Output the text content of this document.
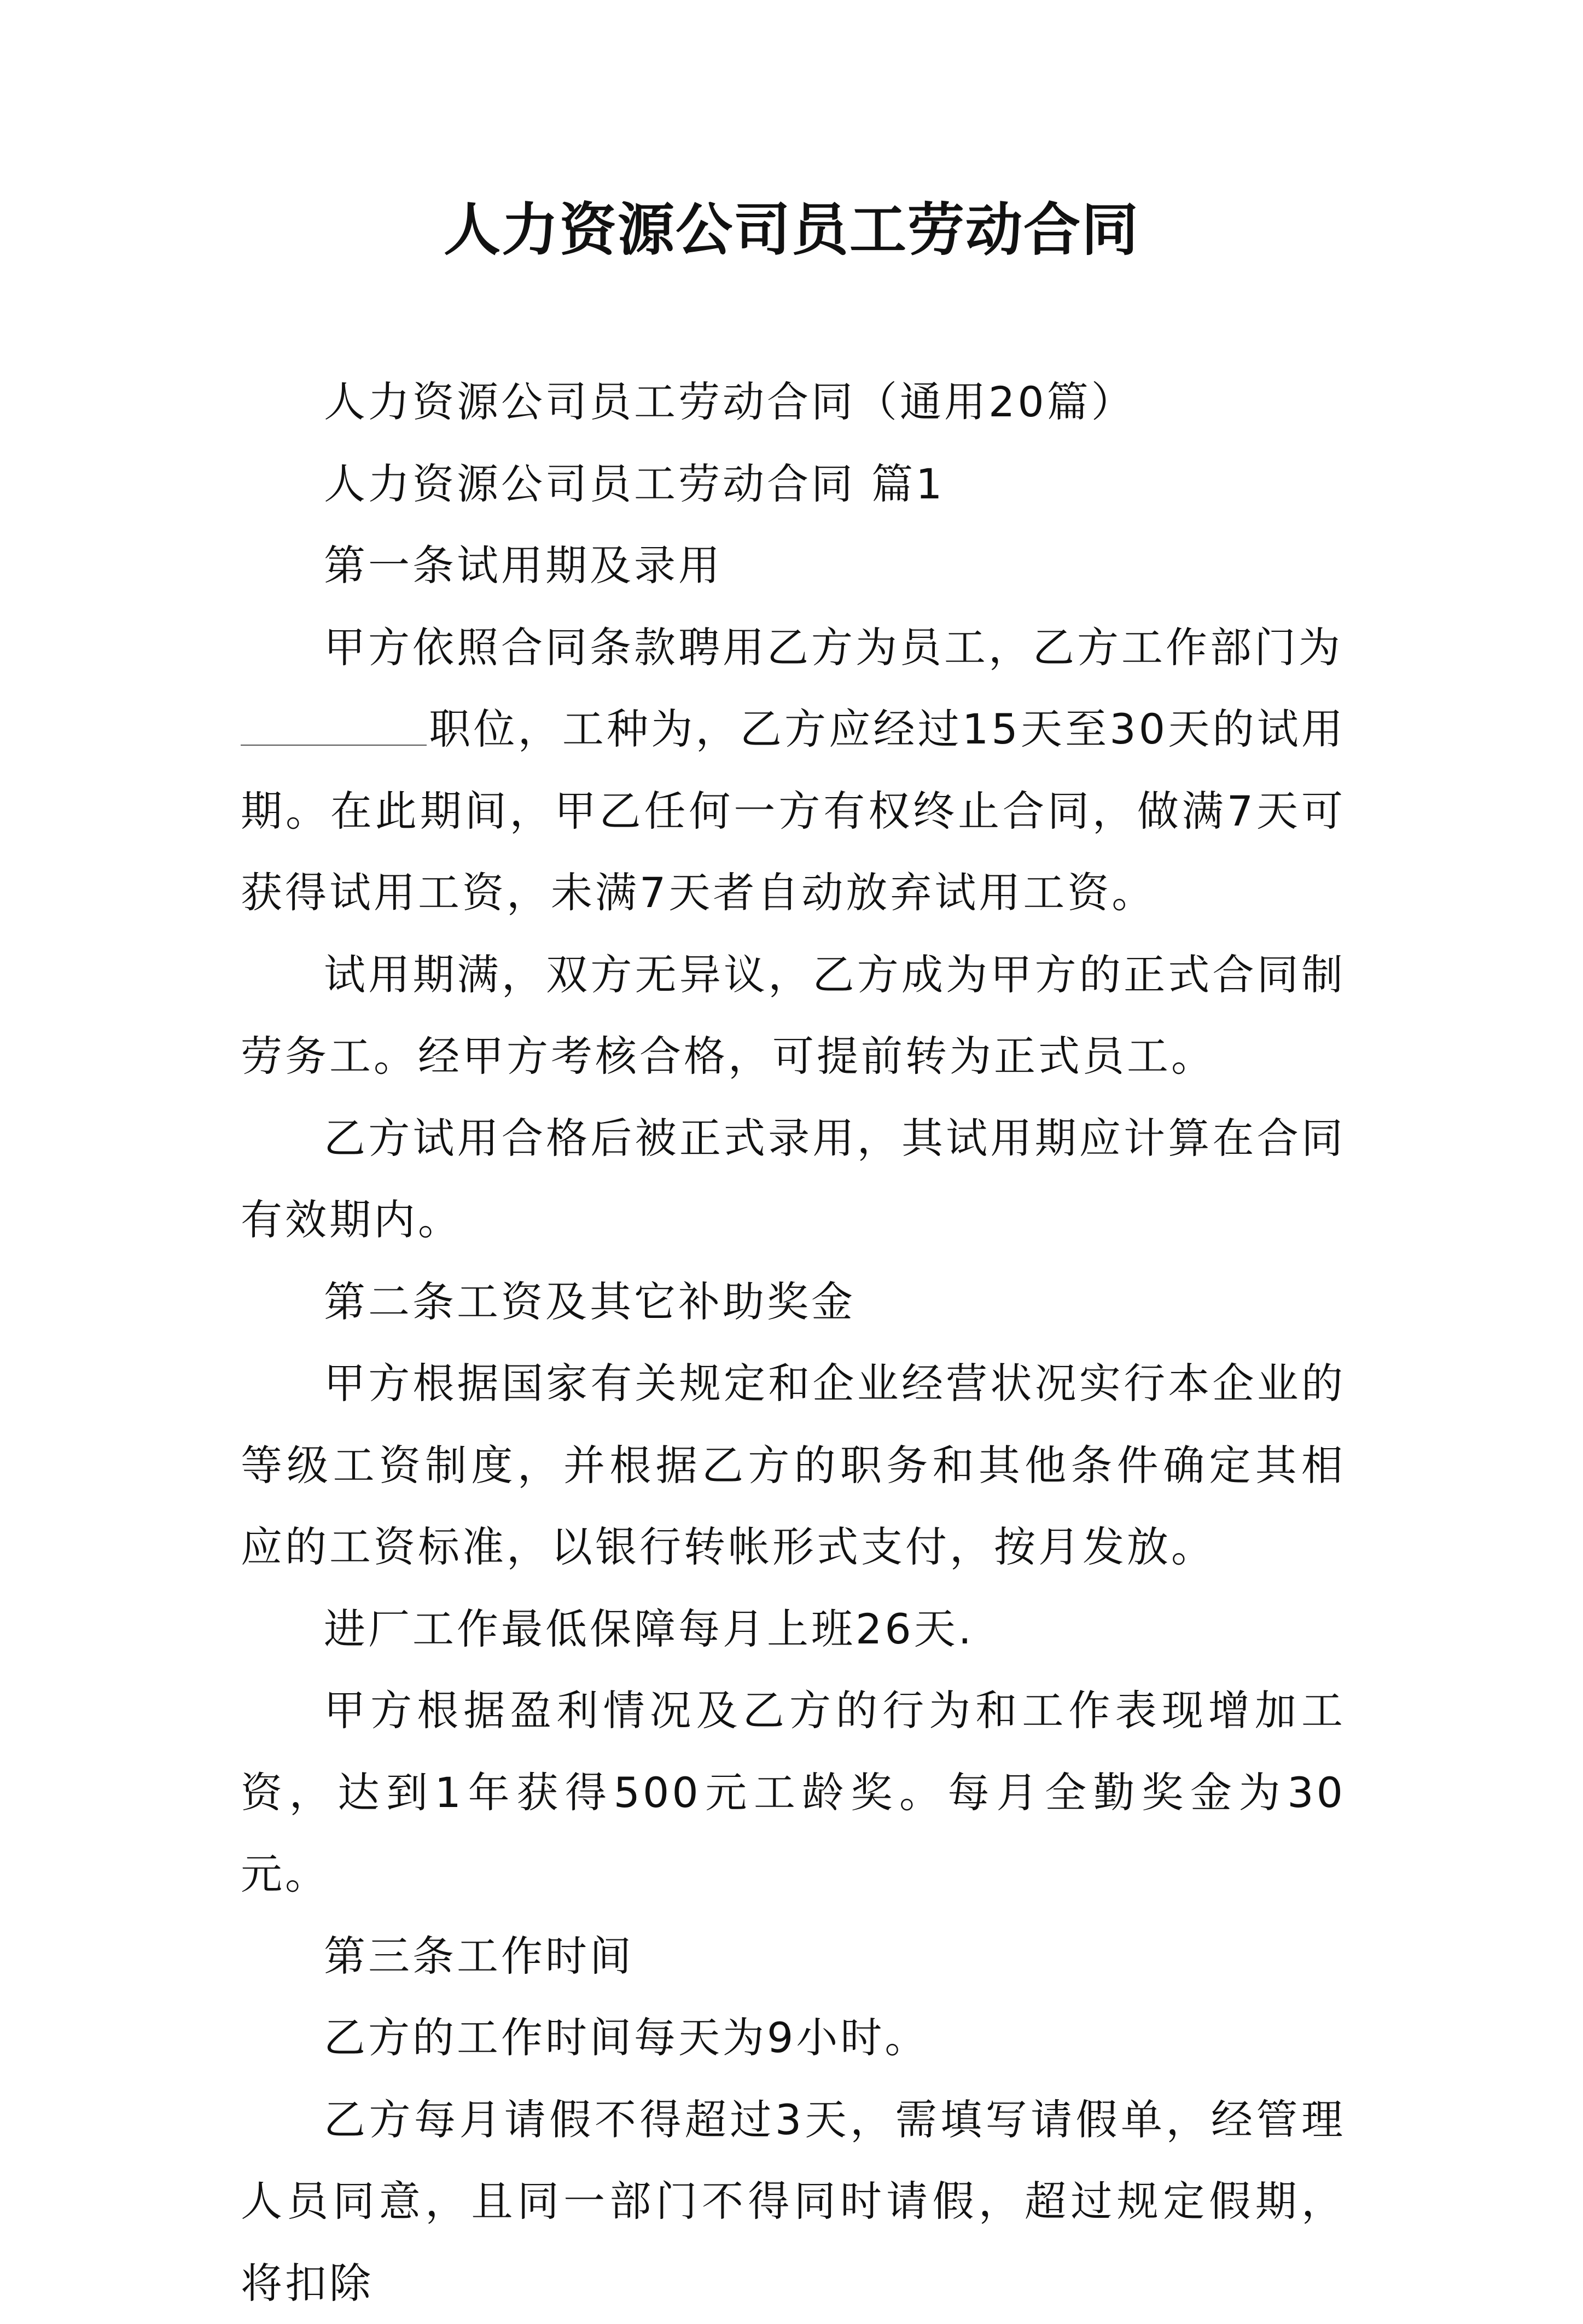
人力资源公司员工劳动合同

人力资源公司员工劳动合同（通用20篇）

人力资源公司员工劳动合同 篇1

第一条试用期及录用

甲方依照合同条款聘用乙方为员工，乙方工作部门为

职位，工种为，乙方应经过15天至30天的试用期。在此期间，甲乙任何一方有权终止合同，做满7天可获得试用工资，未满7天者自动放弃试用工资。

试用期满，双方无异议，乙方成为甲方的正式合同制劳务工。经甲方考核合格，可提前转为正式员工。

乙方试用合格后被正式录用，其试用期应计算在合同有效期内。

第二条工资及其它补助奖金

甲方根据国家有关规定和企业经营状况实行本企业的等级工资制度，并根据乙方的职务和其他条件确定其相应的工资标准，以银行转帐形式支付，按月发放。

进厂工作最低保障每月上班26天.

甲方根据盈利情况及乙方的行为和工作表现增加工资，达到1年获得500元工龄奖。每月全勤奖金为30元。

第三条工作时间

乙方的工作时间每天为9小时。

乙方每月请假不得超过3天，需填写请假单，经管理人员同意，且同一部门不得同时请假，超过规定假期，将扣除
